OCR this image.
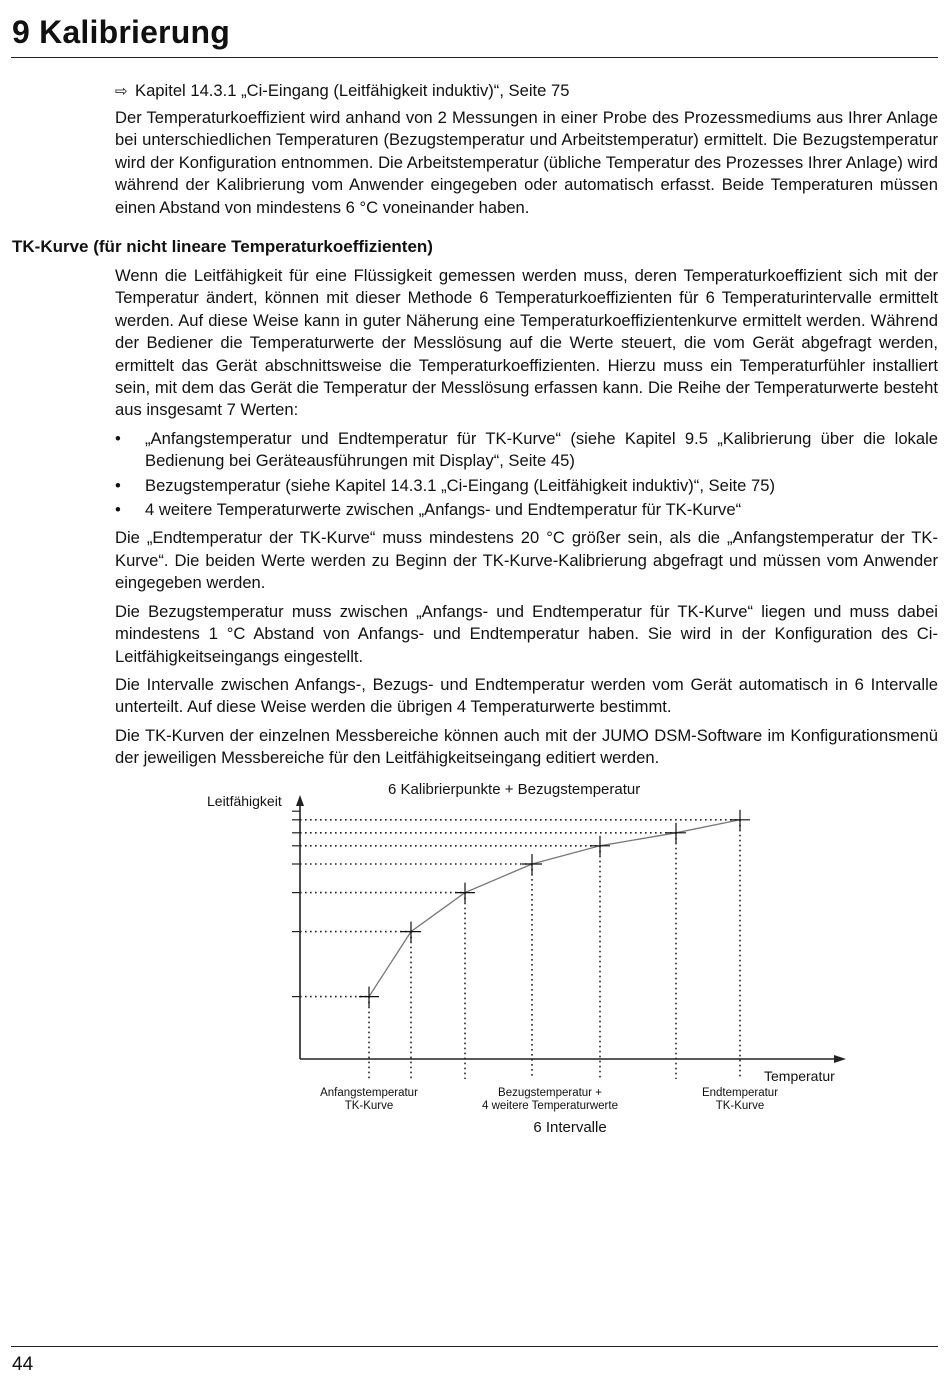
9 Kalibrierung
⇨ Kapitel 14.3.1 „Ci-Eingang (Leitfähigkeit induktiv)“, Seite 75

Der Temperaturkoeffizient wird anhand von 2 Messungen in einer Probe des Prozessmediums aus Ihrer Anlage bei unterschiedlichen Temperaturen (Bezugstemperatur und Arbeitstemperatur) ermittelt. Die Bezugstemperatur wird der Konfiguration entnommen. Die Arbeitstemperatur (übliche Temperatur des Prozesses Ihrer Anlage) wird während der Kalibrierung vom Anwender eingegeben oder automatisch erfasst. Beide Temperaturen müssen einen Abstand von mindestens 6 °C voneinander haben.

TK-Kurve (für nicht lineare Temperaturkoeffizienten)

Wenn die Leitfähigkeit für eine Flüssigkeit gemessen werden muss, deren Temperaturkoeffizient sich mit der Temperatur ändert, können mit dieser Methode 6 Temperaturkoeffizienten für 6 Temperaturintervalle ermittelt werden. Auf diese Weise kann in guter Näherung eine Temperaturkoeffizientenkurve ermittelt werden. Während der Bediener die Temperaturwerte der Messlösung auf die Werte steuert, die vom Gerät abgefragt werden, ermittelt das Gerät abschnittsweise die Temperaturkoeffizienten. Hierzu muss ein Temperaturfühler installiert sein, mit dem das Gerät die Temperatur der Messlösung erfassen kann. Die Reihe der Temperaturwerte besteht aus insgesamt 7 Werten:

• „Anfangstemperatur und Endtemperatur für TK-Kurve“ (siehe Kapitel 9.5 „Kalibrierung über die lokale Bedienung bei Geräteausführungen mit Display“, Seite 45)
• Bezugstemperatur (siehe Kapitel 14.3.1 „Ci-Eingang (Leitfähigkeit induktiv)“, Seite 75)
• 4 weitere Temperaturwerte zwischen „Anfangs- und Endtemperatur für TK-Kurve“

Die „Endtemperatur der TK-Kurve“ muss mindestens 20 °C größer sein, als die „Anfangstemperatur der TK-Kurve“. Die beiden Werte werden zu Beginn der TK-Kurve-Kalibrierung abgefragt und müssen vom Anwender eingegeben werden.

Die Bezugstemperatur muss zwischen „Anfangs- und Endtemperatur für TK-Kurve“ liegen und muss dabei mindestens 1 °C Abstand von Anfangs- und Endtemperatur haben. Sie wird in der Konfiguration des Ci-Leitfähigkeitseingangs eingestellt.

Die Intervalle zwischen Anfangs-, Bezugs- und Endtemperatur werden vom Gerät automatisch in 6 Intervalle unterteilt. Auf diese Weise werden die übrigen 4 Temperaturwerte bestimmt.

Die TK-Kurven der einzelnen Messbereiche können auch mit der JUMO DSM-Software im Konfigurationsmenü der jeweiligen Messbereiche für den Leitfähigkeitseingang editiert werden.

6 Kalibrierpunkte + Bezugstemperatur
Leitfähigkeit
Temperatur
Anfangstemperatur
TK-Kurve
Bezugstemperatur +
4 weitere Temperaturwerte
Endtemperatur
TK-Kurve
6 Intervalle
44
